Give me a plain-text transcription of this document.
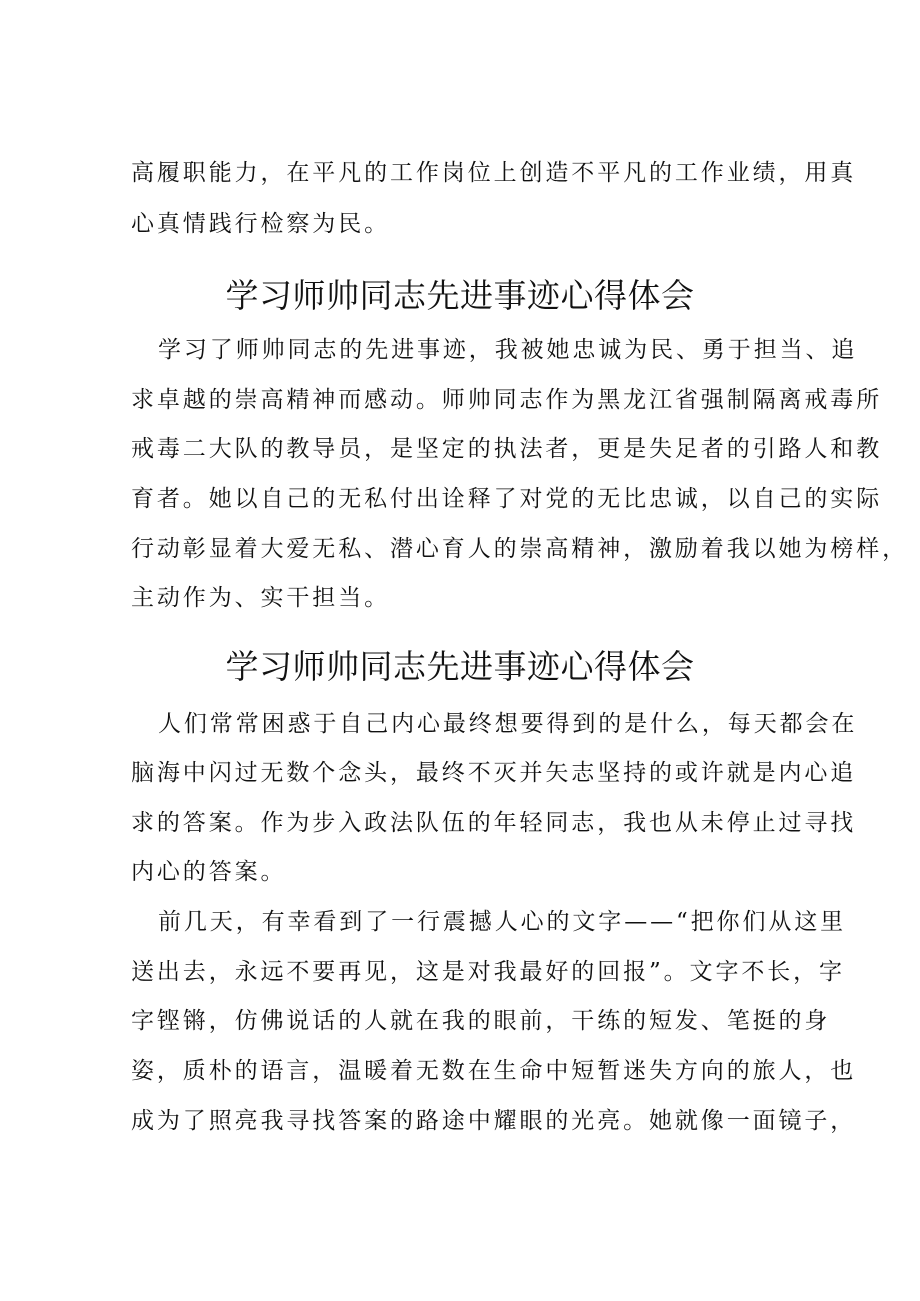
高履职能力，在平凡的工作岗位上创造不平凡的工作业绩，用真
心真情践行检察为民。
学习师帅同志先进事迹心得体会
学习了师帅同志的先进事迹，我被她忠诚为民、勇于担当、追
求卓越的崇高精神而感动。师帅同志作为黑龙江省强制隔离戒毒所
戒毒二大队的教导员，是坚定的执法者，更是失足者的引路人和教
育者。她以自己的无私付出诠释了对党的无比忠诚，以自己的实际
行动彰显着大爱无私、潜心育人的崇高精神，激励着我以她为榜样，
主动作为、实干担当。
学习师帅同志先进事迹心得体会
人们常常困惑于自己内心最终想要得到的是什么，每天都会在
脑海中闪过无数个念头，最终不灭并矢志坚持的或许就是内心追
求的答案。作为步入政法队伍的年轻同志，我也从未停止过寻找
内心的答案。
前几天，有幸看到了一行震撼人心的文字——“把你们从这里
送出去，永远不要再见，这是对我最好的回报”。文字不长，字
字铿锵，仿佛说话的人就在我的眼前，干练的短发、笔挺的身
姿，质朴的语言，温暖着无数在生命中短暂迷失方向的旅人，也
成为了照亮我寻找答案的路途中耀眼的光亮。她就像一面镜子，
